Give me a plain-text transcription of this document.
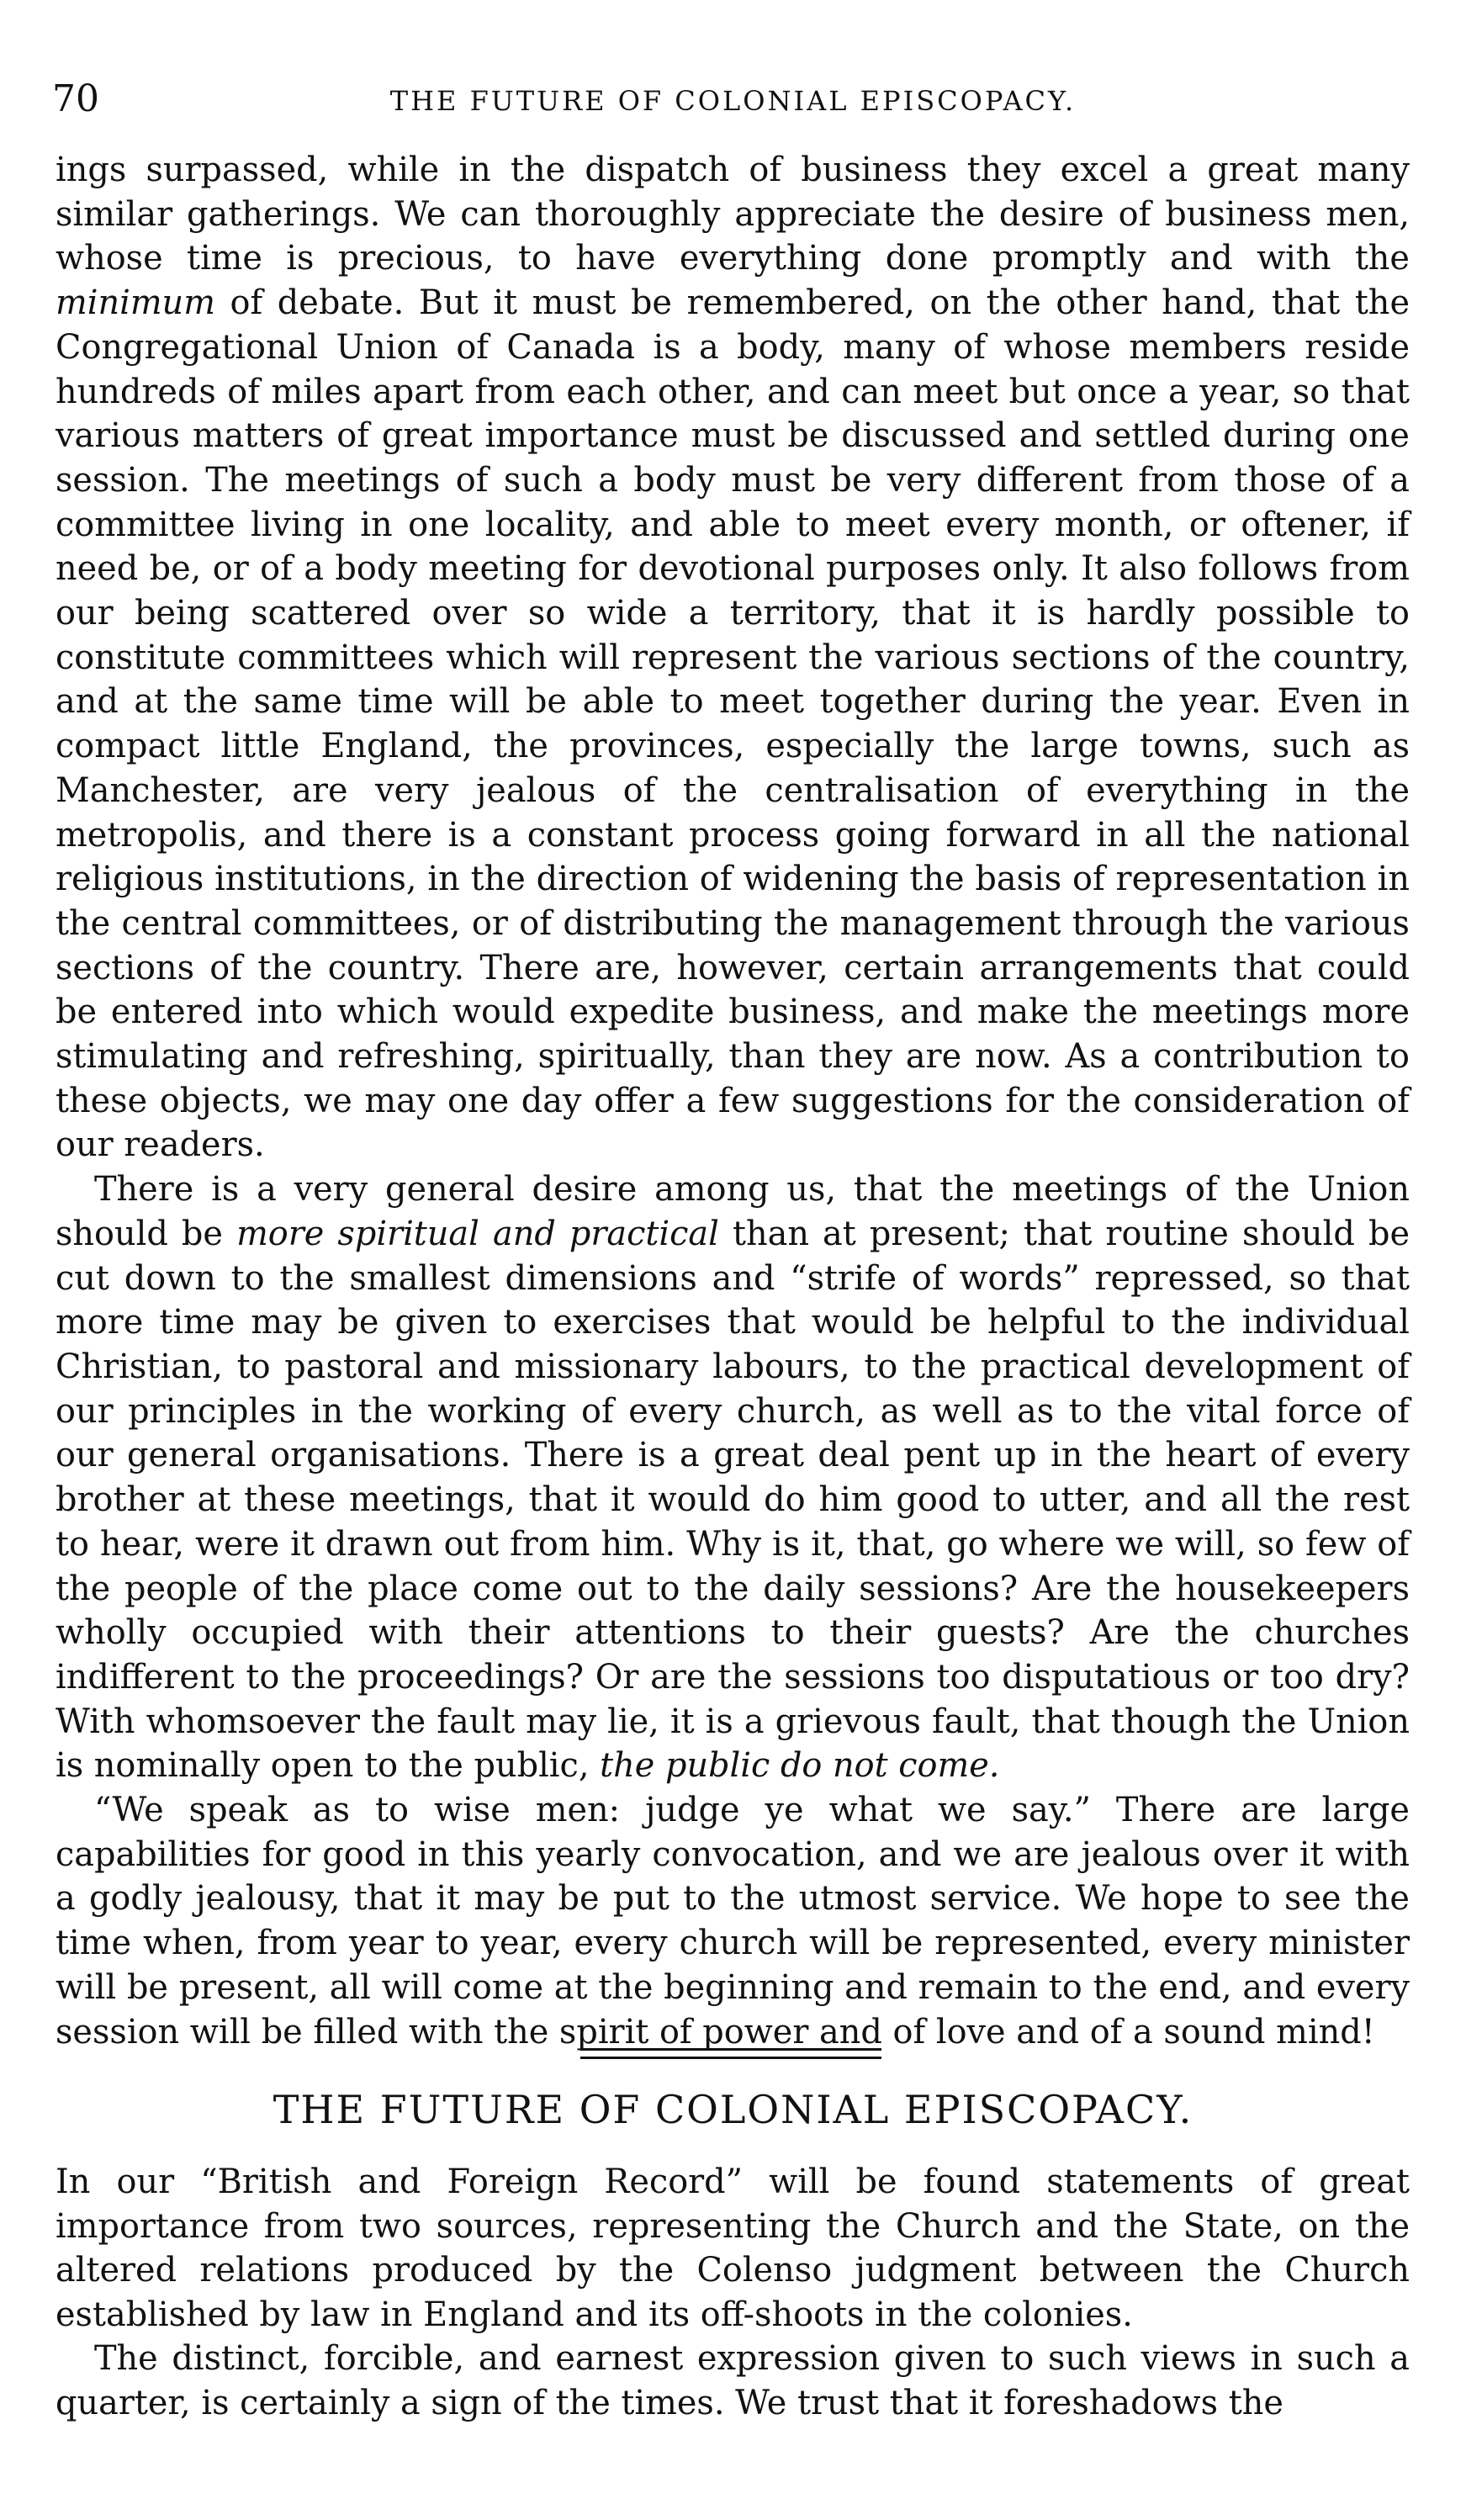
70	THE FUTURE OF COLONIAL EPISCOPACY.

ings surpassed, while in the dispatch of business they excel a great many similar gatherings. We can thoroughly appreciate the desire of business men, whose time is precious, to have everything done promptly and with the minimum of debate. But it must be remembered, on the other hand, that the Congregational Union of Canada is a body, many of whose members reside hundreds of miles apart from each other, and can meet but once a year, so that various matters of great importance must be discussed and settled during one session. The meetings of such a body must be very different from those of a committee living in one locality, and able to meet every month, or oftener, if need be, or of a body meeting for devotional purposes only. It also follows from our being scattered over so wide a territory, that it is hardly possible to constitute committees which will represent the various sections of the country, and at the same time will be able to meet together during the year. Even in compact little England, the provinces, especially the large towns, such as Manchester, are very jealous of the centralisation of everything in the metropolis, and there is a constant process going forward in all the national religious institutions, in the direction of widening the basis of representation in the central committees, or of distributing the management through the various sections of the country. There are, however, certain arrangements that could be entered into which would expedite business, and make the meetings more stimulating and refreshing, spiritually, than they are now. As a contribution to these objects, we may one day offer a few suggestions for the consideration of our readers.

There is a very general desire among us, that the meetings of the Union should be more spiritual and practical than at present; that routine should be cut down to the smallest dimensions and “strife of words” repressed, so that more time may be given to exercises that would be helpful to the individual Christian, to pastoral and missionary labours, to the practical development of our principles in the working of every church, as well as to the vital force of our general organisations. There is a great deal pent up in the heart of every brother at these meetings, that it would do him good to utter, and all the rest to hear, were it drawn out from him. Why is it, that, go where we will, so few of the people of the place come out to the daily sessions? Are the housekeepers wholly occupied with their attentions to their guests? Are the churches indifferent to the proceedings? Or are the sessions too disputatious or too dry? With whomsoever the fault may lie, it is a grievous fault, that though the Union is nominally open to the public, the public do not come.

“We speak as to wise men: judge ye what we say.” There are large capabilities for good in this yearly convocation, and we are jealous over it with a godly jealousy, that it may be put to the utmost service. We hope to see the time when, from year to year, every church will be represented, every minister will be present, all will come at the beginning and remain to the end, and every session will be filled with the spirit of power and of love and of a sound mind!

THE FUTURE OF COLONIAL EPISCOPACY.

In our “British and Foreign Record” will be found statements of great importance from two sources, representing the Church and the State, on the altered relations produced by the Colenso judgment between the Church established by law in England and its off-shoots in the colonies.

The distinct, forcible, and earnest expression given to such views in such a quarter, is certainly a sign of the times. We trust that it foreshadows the
